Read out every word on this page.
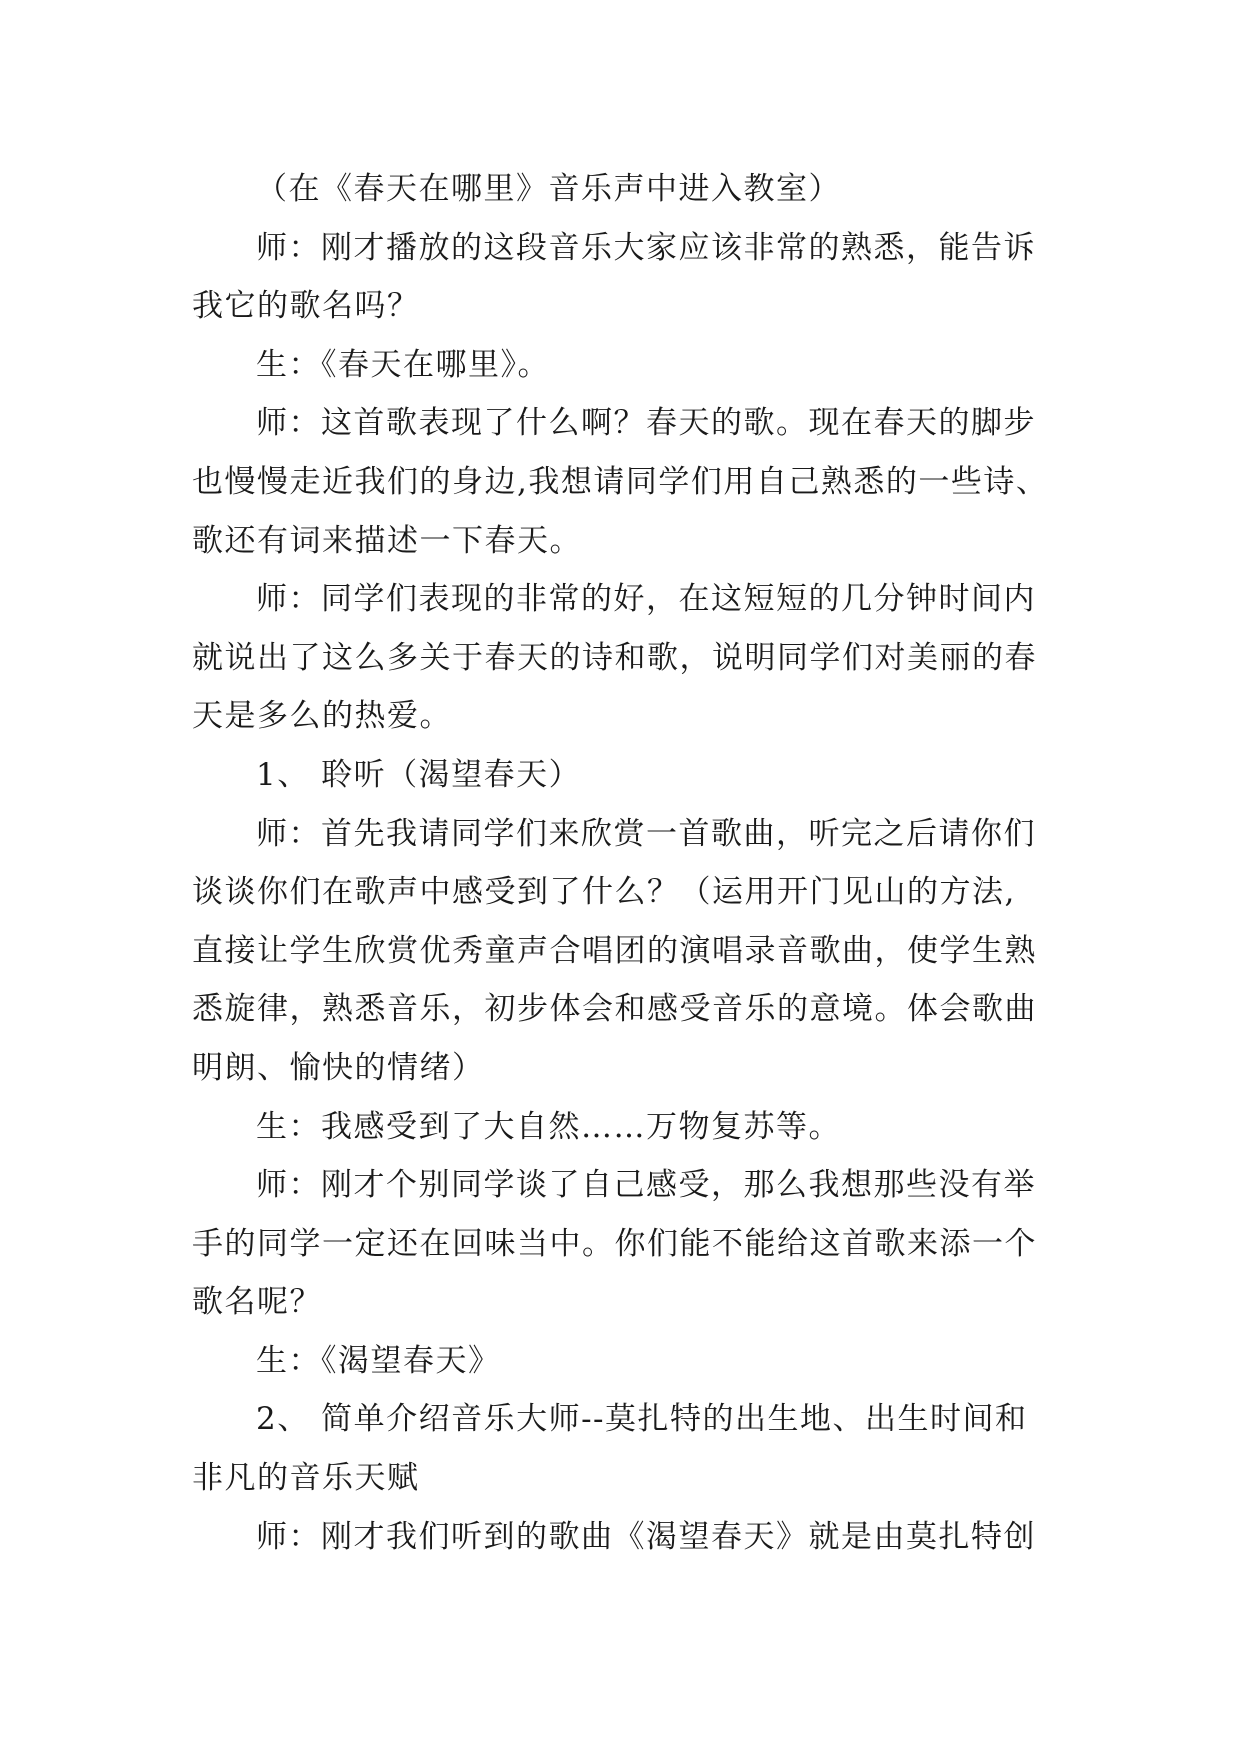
（在《春天在哪里》音乐声中进入教室）

师：刚才播放的这段音乐大家应该非常的熟悉，能告诉
我它的歌名吗？

生：《春天在哪里》。

师：这首歌表现了什么啊？春天的歌。现在春天的脚步
也慢慢走近我们的身边,我想请同学们用自己熟悉的一些诗、
歌还有词来描述一下春天。

师：同学们表现的非常的好，在这短短的几分钟时间内
就说出了这么多关于春天的诗和歌，说明同学们对美丽的春
天是多么的热爱。

1、 聆听（渴望春天）

师：首先我请同学们来欣赏一首歌曲，听完之后请你们
谈谈你们在歌声中感受到了什么？（运用开门见山的方法,
直接让学生欣赏优秀童声合唱团的演唱录音歌曲，使学生熟
悉旋律，熟悉音乐，初步体会和感受音乐的意境。体会歌曲
明朗、愉快的情绪）

生：我感受到了大自然……万物复苏等。

师：刚才个别同学谈了自己感受，那么我想那些没有举
手的同学一定还在回味当中。你们能不能给这首歌来添一个
歌名呢？

生：《渴望春天》

2、 简单介绍音乐大师--莫扎特的出生地、出生时间和
非凡的音乐天赋

师：刚才我们听到的歌曲《渴望春天》就是由莫扎特创
